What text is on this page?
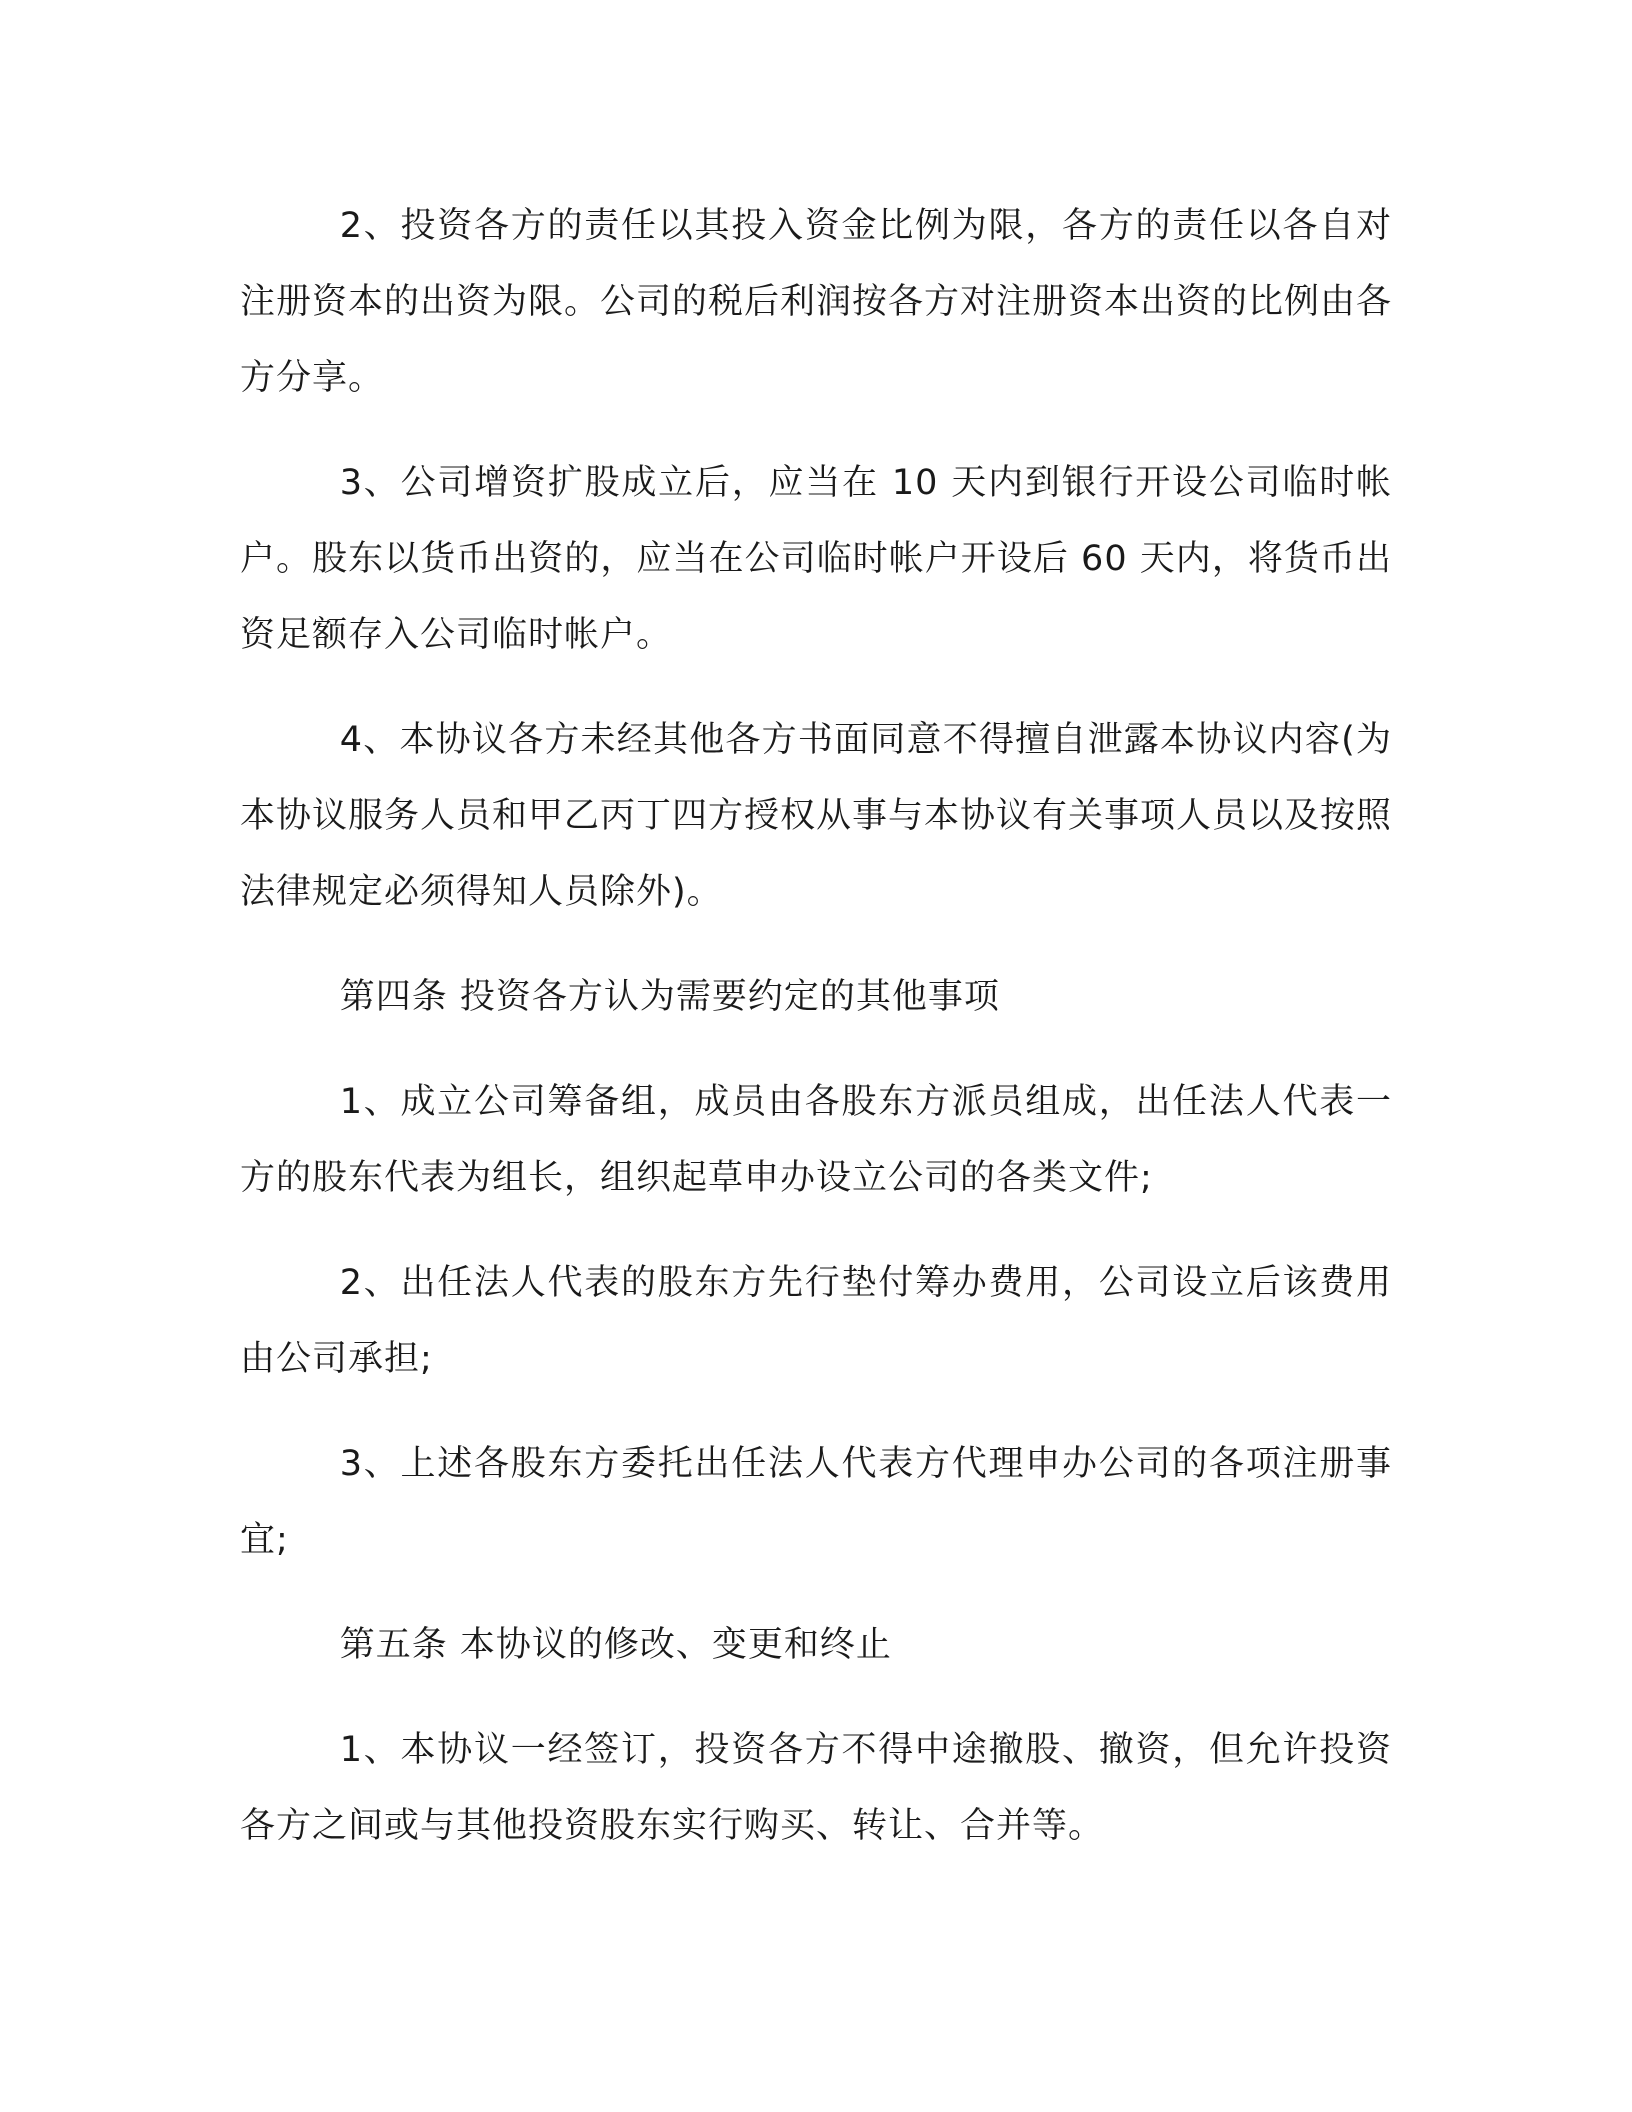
2、投资各方的责任以其投入资金比例为限，各方的责任以各自对注册资本的出资为限。公司的税后利润按各方对注册资本出资的比例由各方分享。

3、公司增资扩股成立后，应当在 10 天内到银行开设公司临时帐户。股东以货币出资的，应当在公司临时帐户开设后 60 天内，将货币出资足额存入公司临时帐户。

4、本协议各方未经其他各方书面同意不得擅自泄露本协议内容(为本协议服务人员和甲乙丙丁四方授权从事与本协议有关事项人员以及按照法律规定必须得知人员除外)。

第四条 投资各方认为需要约定的其他事项

1、成立公司筹备组，成员由各股东方派员组成，出任法人代表一方的股东代表为组长，组织起草申办设立公司的各类文件;

2、出任法人代表的股东方先行垫付筹办费用，公司设立后该费用由公司承担;

3、上述各股东方委托出任法人代表方代理申办公司的各项注册事宜;

第五条 本协议的修改、变更和终止

1、本协议一经签订，投资各方不得中途撤股、撤资，但允许投资各方之间或与其他投资股东实行购买、转让、合并等。
